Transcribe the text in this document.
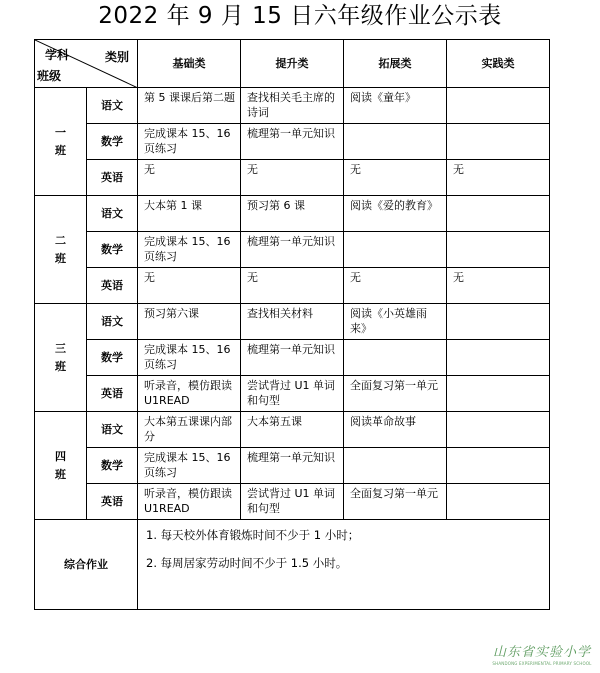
2022 年 9 月 15 日六年级作业公示表
学科 类别
班级		基础类	提升类	拓展类	实践类
一班	语文	第 5 课课后第二题	查找相关毛主席的诗词	阅读《童年》	
	数学	完成课本 15、16 页练习	梳理第一单元知识		
	英语	无	无	无	无
二班	语文	大本第 1 课	预习第 6 课	阅读《爱的教育》	
	数学	完成课本 15、16 页练习	梳理第一单元知识		
	英语	无	无	无	无
三班	语文	预习第六课	查找相关材料	阅读《小英雄雨来》	
	数学	完成课本 15、16 页练习	梳理第一单元知识		
	英语	听录音，模仿跟读 U1READ	尝试背过 U1 单词和句型	全面复习第一单元	
四班	语文	大本第五课课内部分	大本第五课	阅读革命故事	
	数学	完成课本 15、16 页练习	梳理第一单元知识		
	英语	听录音，模仿跟读 U1READ	尝试背过 U1 单词和句型	全面复习第一单元	
综合作业		1. 每天校外体育锻炼时间不少于 1 小时；

2. 每周居家劳动时间不少于 1.5 小时。			

山东省实验小学
SHANDONG EXPERIMENTAL PRIMARY SCHOOL
